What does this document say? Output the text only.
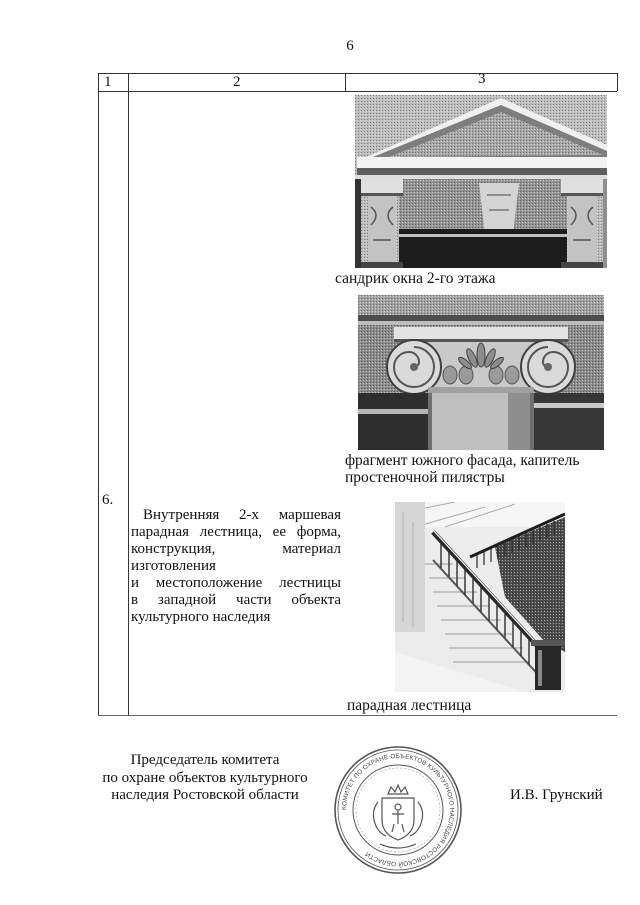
6
1	2	3
6.
Внутренняя 2-х маршевая
парадная лестница, ее форма,
конструкция, материал
изготовления
и местоположение лестницы
в западной части объекта
культурного наследия
сандрик окна 2-го этажа
фрагмент южного фасада, капитель
простеночной пилястры
парадная лестница
Председатель комитета
по охране объектов культурного
наследия Ростовской области
КОМИТЕТ ПО ОХРАНЕ ОБЪЕКТОВ КУЛЬТУРНОГО НАСЛЕДИЯ РОСТОВСКОЙ ОБЛАСТИ
И.В. Грунский
